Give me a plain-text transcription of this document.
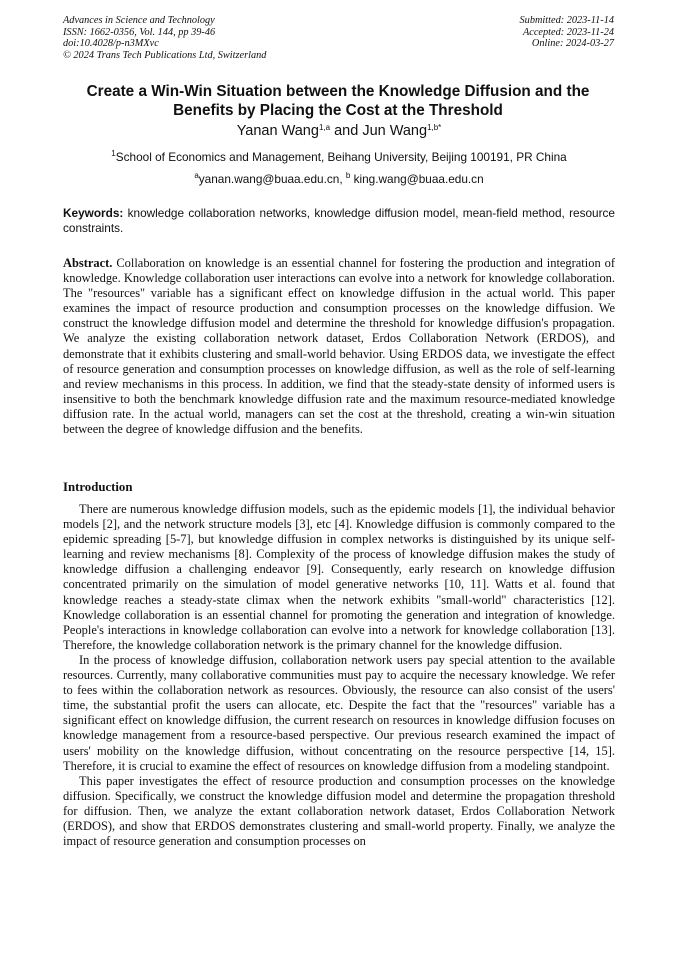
Advances in Science and Technology
ISSN: 1662-0356, Vol. 144, pp 39-46
doi:10.4028/p-n3MXvc
© 2024 Trans Tech Publications Ltd, Switzerland
Submitted: 2023-11-14
Accepted: 2023-11-24
Online: 2024-03-27
Create a Win-Win Situation between the Knowledge Diffusion and the Benefits by Placing the Cost at the Threshold
Yanan Wang$^{1,a}$ and Jun Wang$^{1,b*}$
$^1$School of Economics and Management, Beihang University, Beijing 100191, PR China
$^a$yanan.wang@buaa.edu.cn, $^b$ king.wang@buaa.edu.cn
Keywords: knowledge collaboration networks, knowledge diffusion model, mean-field method, resource constraints.
Abstract. Collaboration on knowledge is an essential channel for fostering the production and integration of knowledge. Knowledge collaboration user interactions can evolve into a network for knowledge collaboration. The "resources" variable has a significant effect on knowledge diffusion in the actual world. This paper examines the impact of resource production and consumption processes on the knowledge diffusion. We construct the knowledge diffusion model and determine the threshold for knowledge diffusion's propagation. We analyze the existing collaboration network dataset, Erdos Collaboration Network (ERDOS), and demonstrate that it exhibits clustering and small-world behavior. Using ERDOS data, we investigate the effect of resource generation and consumption processes on knowledge diffusion, as well as the role of self-learning and review mechanisms in this process. In addition, we find that the steady-state density of informed users is insensitive to both the benchmark knowledge diffusion rate and the maximum resource-mediated knowledge diffusion rate. In the actual world, managers can set the cost at the threshold, creating a win-win situation between the degree of knowledge diffusion and the benefits.
Introduction

There are numerous knowledge diffusion models, such as the epidemic models [1], the individual behavior models [2], and the network structure models [3], etc [4]. Knowledge diffusion is commonly compared to the epidemic spreading [5-7], but knowledge diffusion in complex networks is distinguished by its unique self-learning and review mechanisms [8]. Complexity of the process of knowledge diffusion makes the study of knowledge diffusion a challenging endeavor [9]. Consequently, early research on knowledge diffusion concentrated primarily on the simulation of model generative networks [10, 11]. Watts et al. found that knowledge reaches a steady-state climax when the network exhibits "small-world" characteristics [12]. Knowledge collaboration is an essential channel for promoting the generation and integration of knowledge. People's interactions in knowledge collaboration can evolve into a network for knowledge collaboration [13]. Therefore, the knowledge collaboration network is the primary channel for the knowledge diffusion.

In the process of knowledge diffusion, collaboration network users pay special attention to the available resources. Currently, many collaborative communities must pay to acquire the necessary knowledge. We refer to fees within the collaboration network as resources. Obviously, the resource can also consist of the users' time, the substantial profit the users can allocate, etc. Despite the fact that the "resources" variable has a significant effect on knowledge diffusion, the current research on resources in knowledge diffusion focuses on knowledge management from a resource-based perspective. Our previous research examined the impact of users' mobility on the knowledge diffusion, without concentrating on the resource perspective [14, 15]. Therefore, it is crucial to examine the effect of resources on knowledge diffusion from a modeling standpoint.

This paper investigates the effect of resource production and consumption processes on the knowledge diffusion. Specifically, we construct the knowledge diffusion model and determine the propagation threshold for diffusion. Then, we analyze the extant collaboration network dataset, Erdos Collaboration Network (ERDOS), and show that ERDOS demonstrates clustering and small-world property. Finally, we analyze the impact of resource generation and consumption processes on
